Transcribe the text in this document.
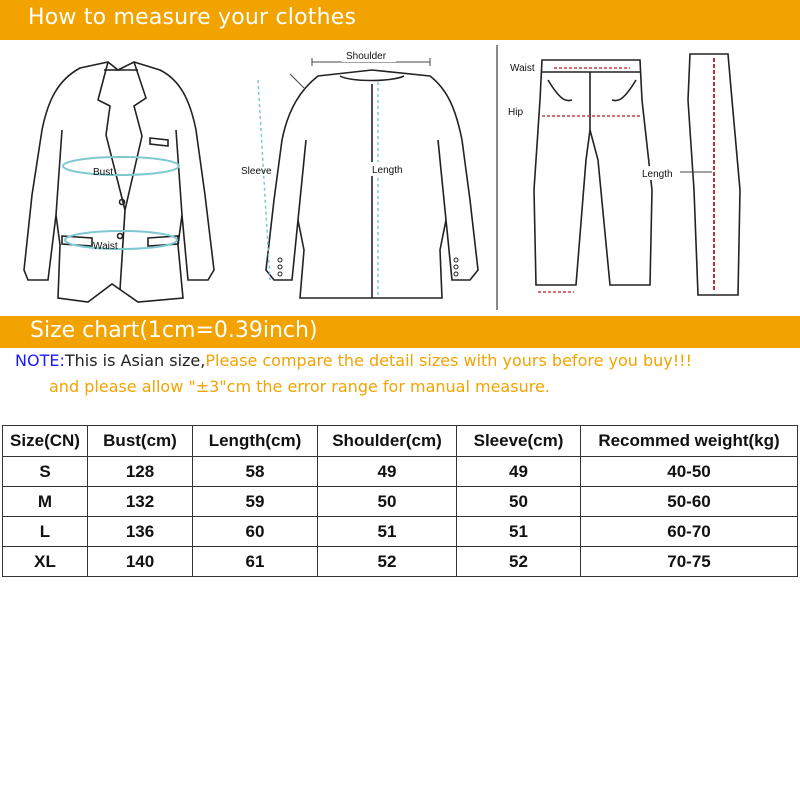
How to measure your clothes
Bust
Waist
Shoulder
Sleeve	Length
Waist
Hip
Length
Size chart(1cm=0.39inch)
NOTE:This is Asian size,Please compare the detail sizes with yours before you buy!!!
and please allow "±3"cm the error range for manual measure.
Size(CN)	Bust(cm)	Length(cm)	Shoulder(cm)	Sleeve(cm)	Recommed weight(kg)
S	128	58	49	49	40-50
M	132	59	50	50	50-60
L	136	60	51	51	60-70
XL	140	61	52	52	70-75
